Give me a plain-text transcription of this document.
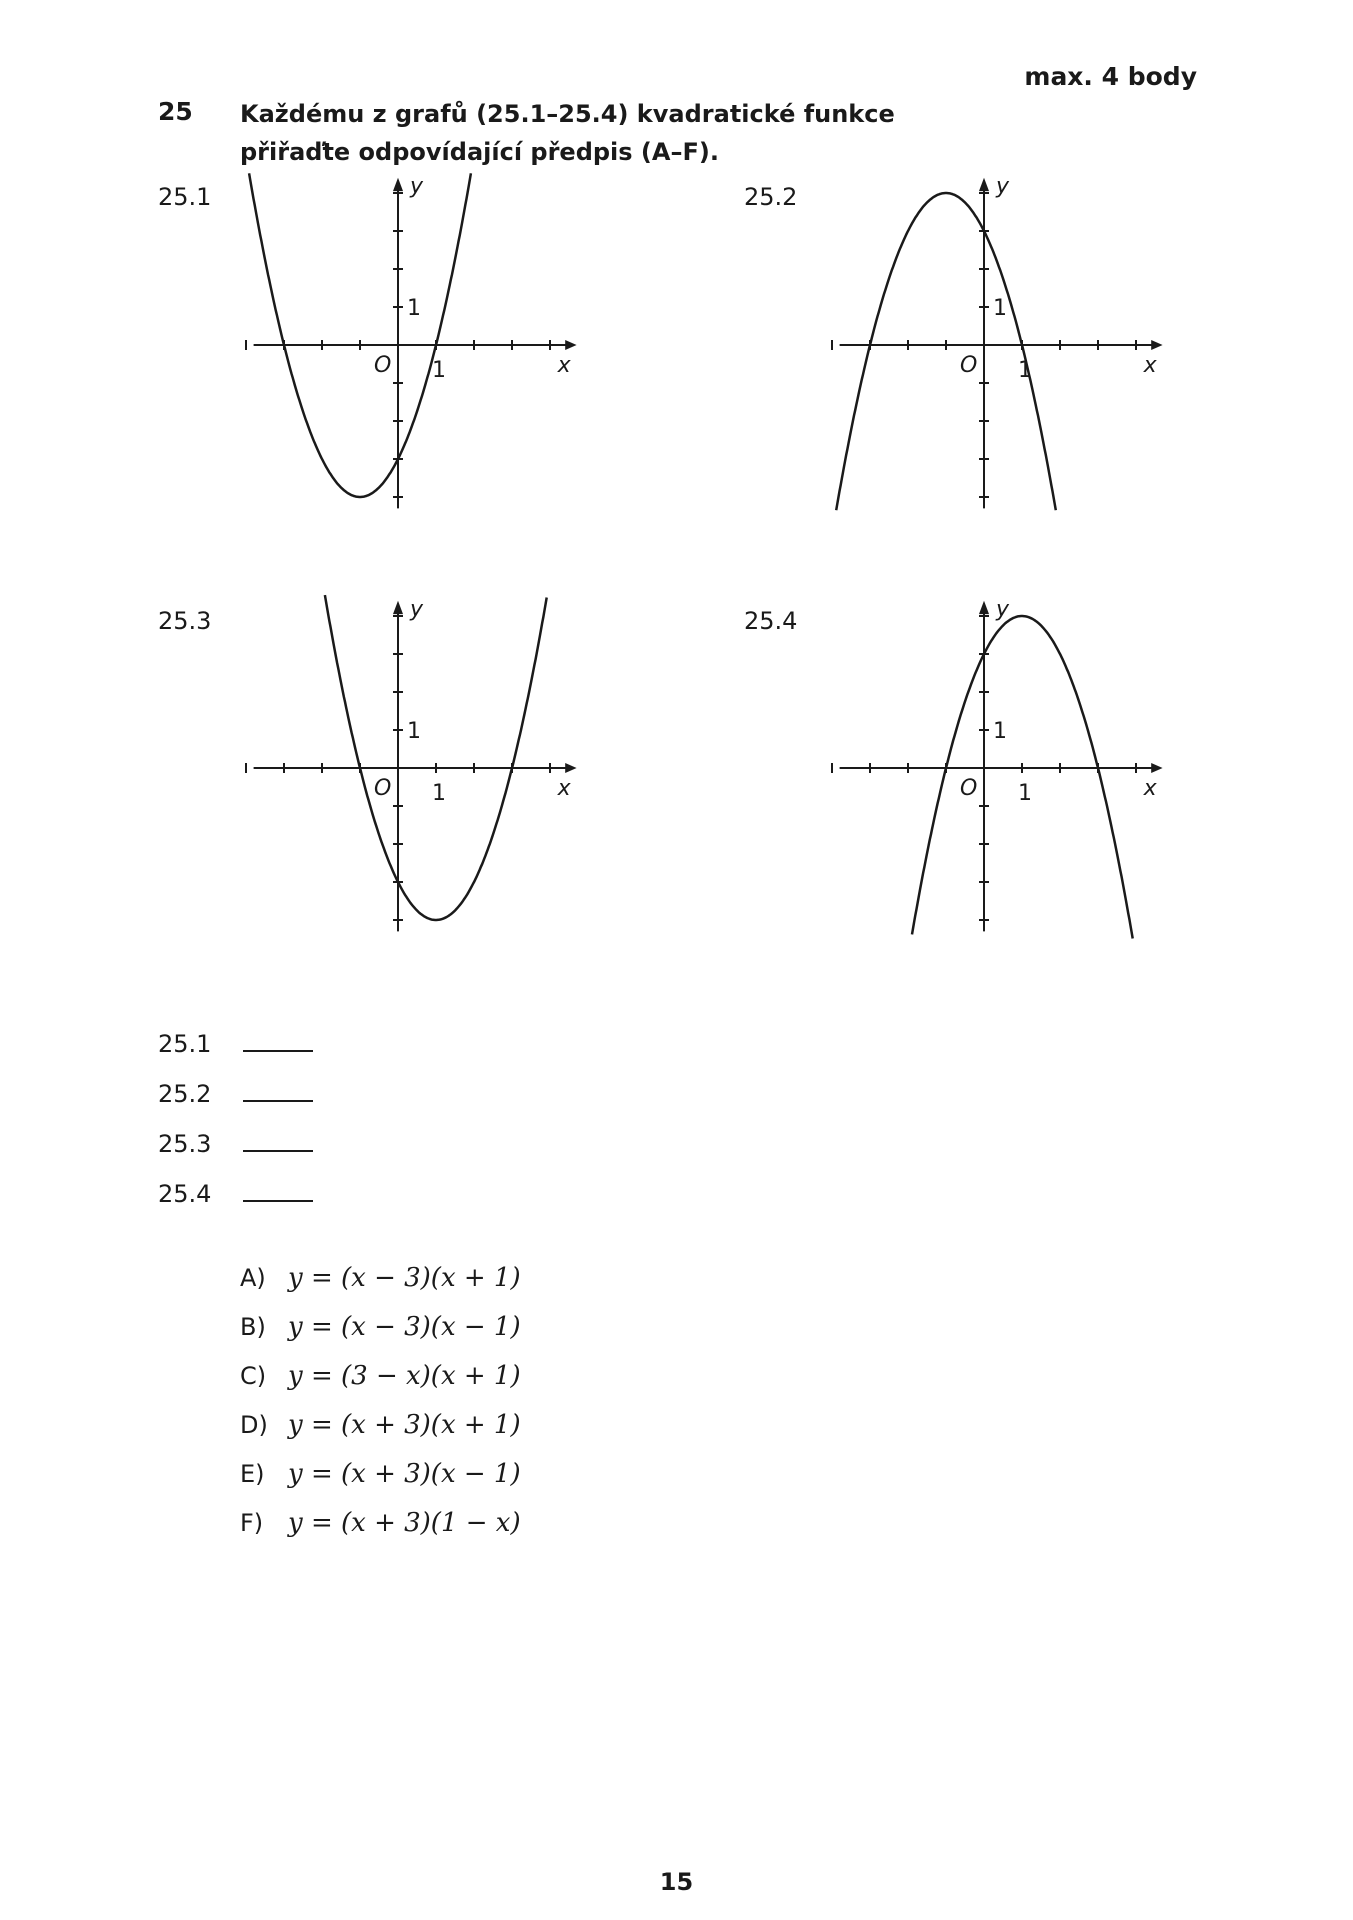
max. 4 body
25 Každému z grafů (25.1–25.4) kvadratické funkce přiřaďte odpovídající předpis (A–F).
25.1	25.2
25.3	25.4
x
y
O 1
1
x
y
O 1
1
x
y
O 1
1
x
y
O 1
1
25.1
25.2
25.3
25.4
A) y = (x − 3)(x + 1)
B) y = (x − 3)(x − 1)
C) y = (3 − x)(x + 1)
D) y = (x + 3)(x + 1)
E) y = (x + 3)(x − 1)
F) y = (x + 3)(1 − x)
15
